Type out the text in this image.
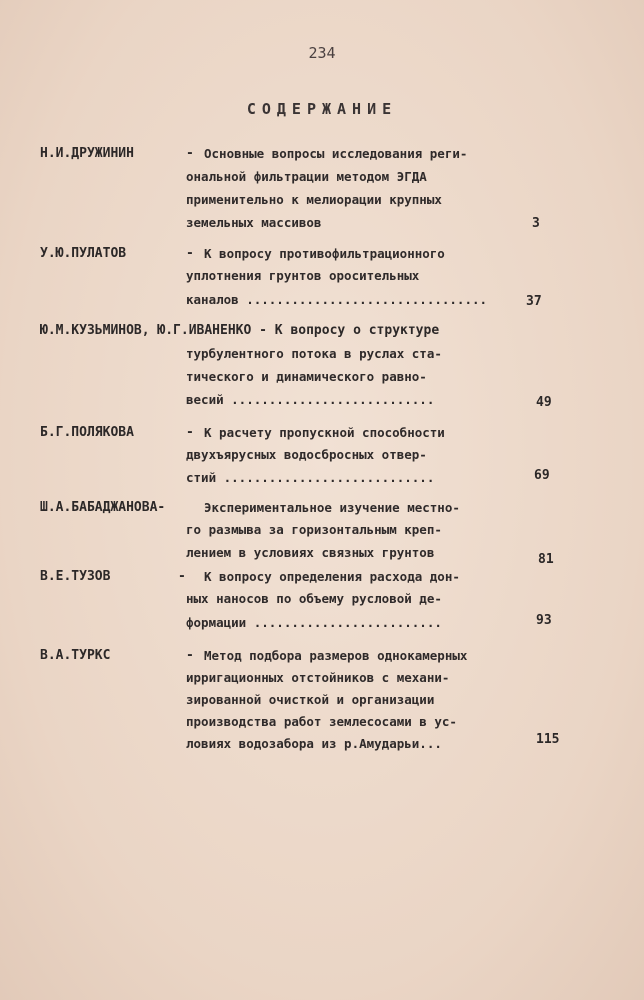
234
СОДЕРЖАНИЕ
Н.И.ДРУЖИНИН	- Основные вопросы исследования реги-
ональной фильтрации методом ЭГДА
применительно к мелиорации крупных
земельных массивов	3
У.Ю.ПУЛАТОВ	- К вопросу противофильтрационного
уплотнения грунтов оросительных
каналов ................................	37
Ю.М.КУЗЬМИНОВ, Ю.Г.ИВАНЕНКО - К вопросу о структуре
турбулентного потока в руслах ста-
тического и динамического равно-
весий ...........................	49
Б.Г.ПОЛЯКОВА	- К расчету пропускной способности
двухъярусных водосбросных отвер-
стий ............................	69
Ш.А.БАБАДЖАНОВА-	Экспериментальное изучение местно-
го размыва за горизонтальным креп-
лением в условиях связных грунтов	81
В.Е.ТУЗОВ	- К вопросу определения расхода дон-
ных наносов по объему русловой де-
формации .........................	93
В.А.ТУРКС	- Метод подбора размеров однокамерных
ирригационных отстойников с механи-
зированной очисткой и организации
производства работ землесосами в ус-
ловиях водозабора из р.Амударьи...	115
